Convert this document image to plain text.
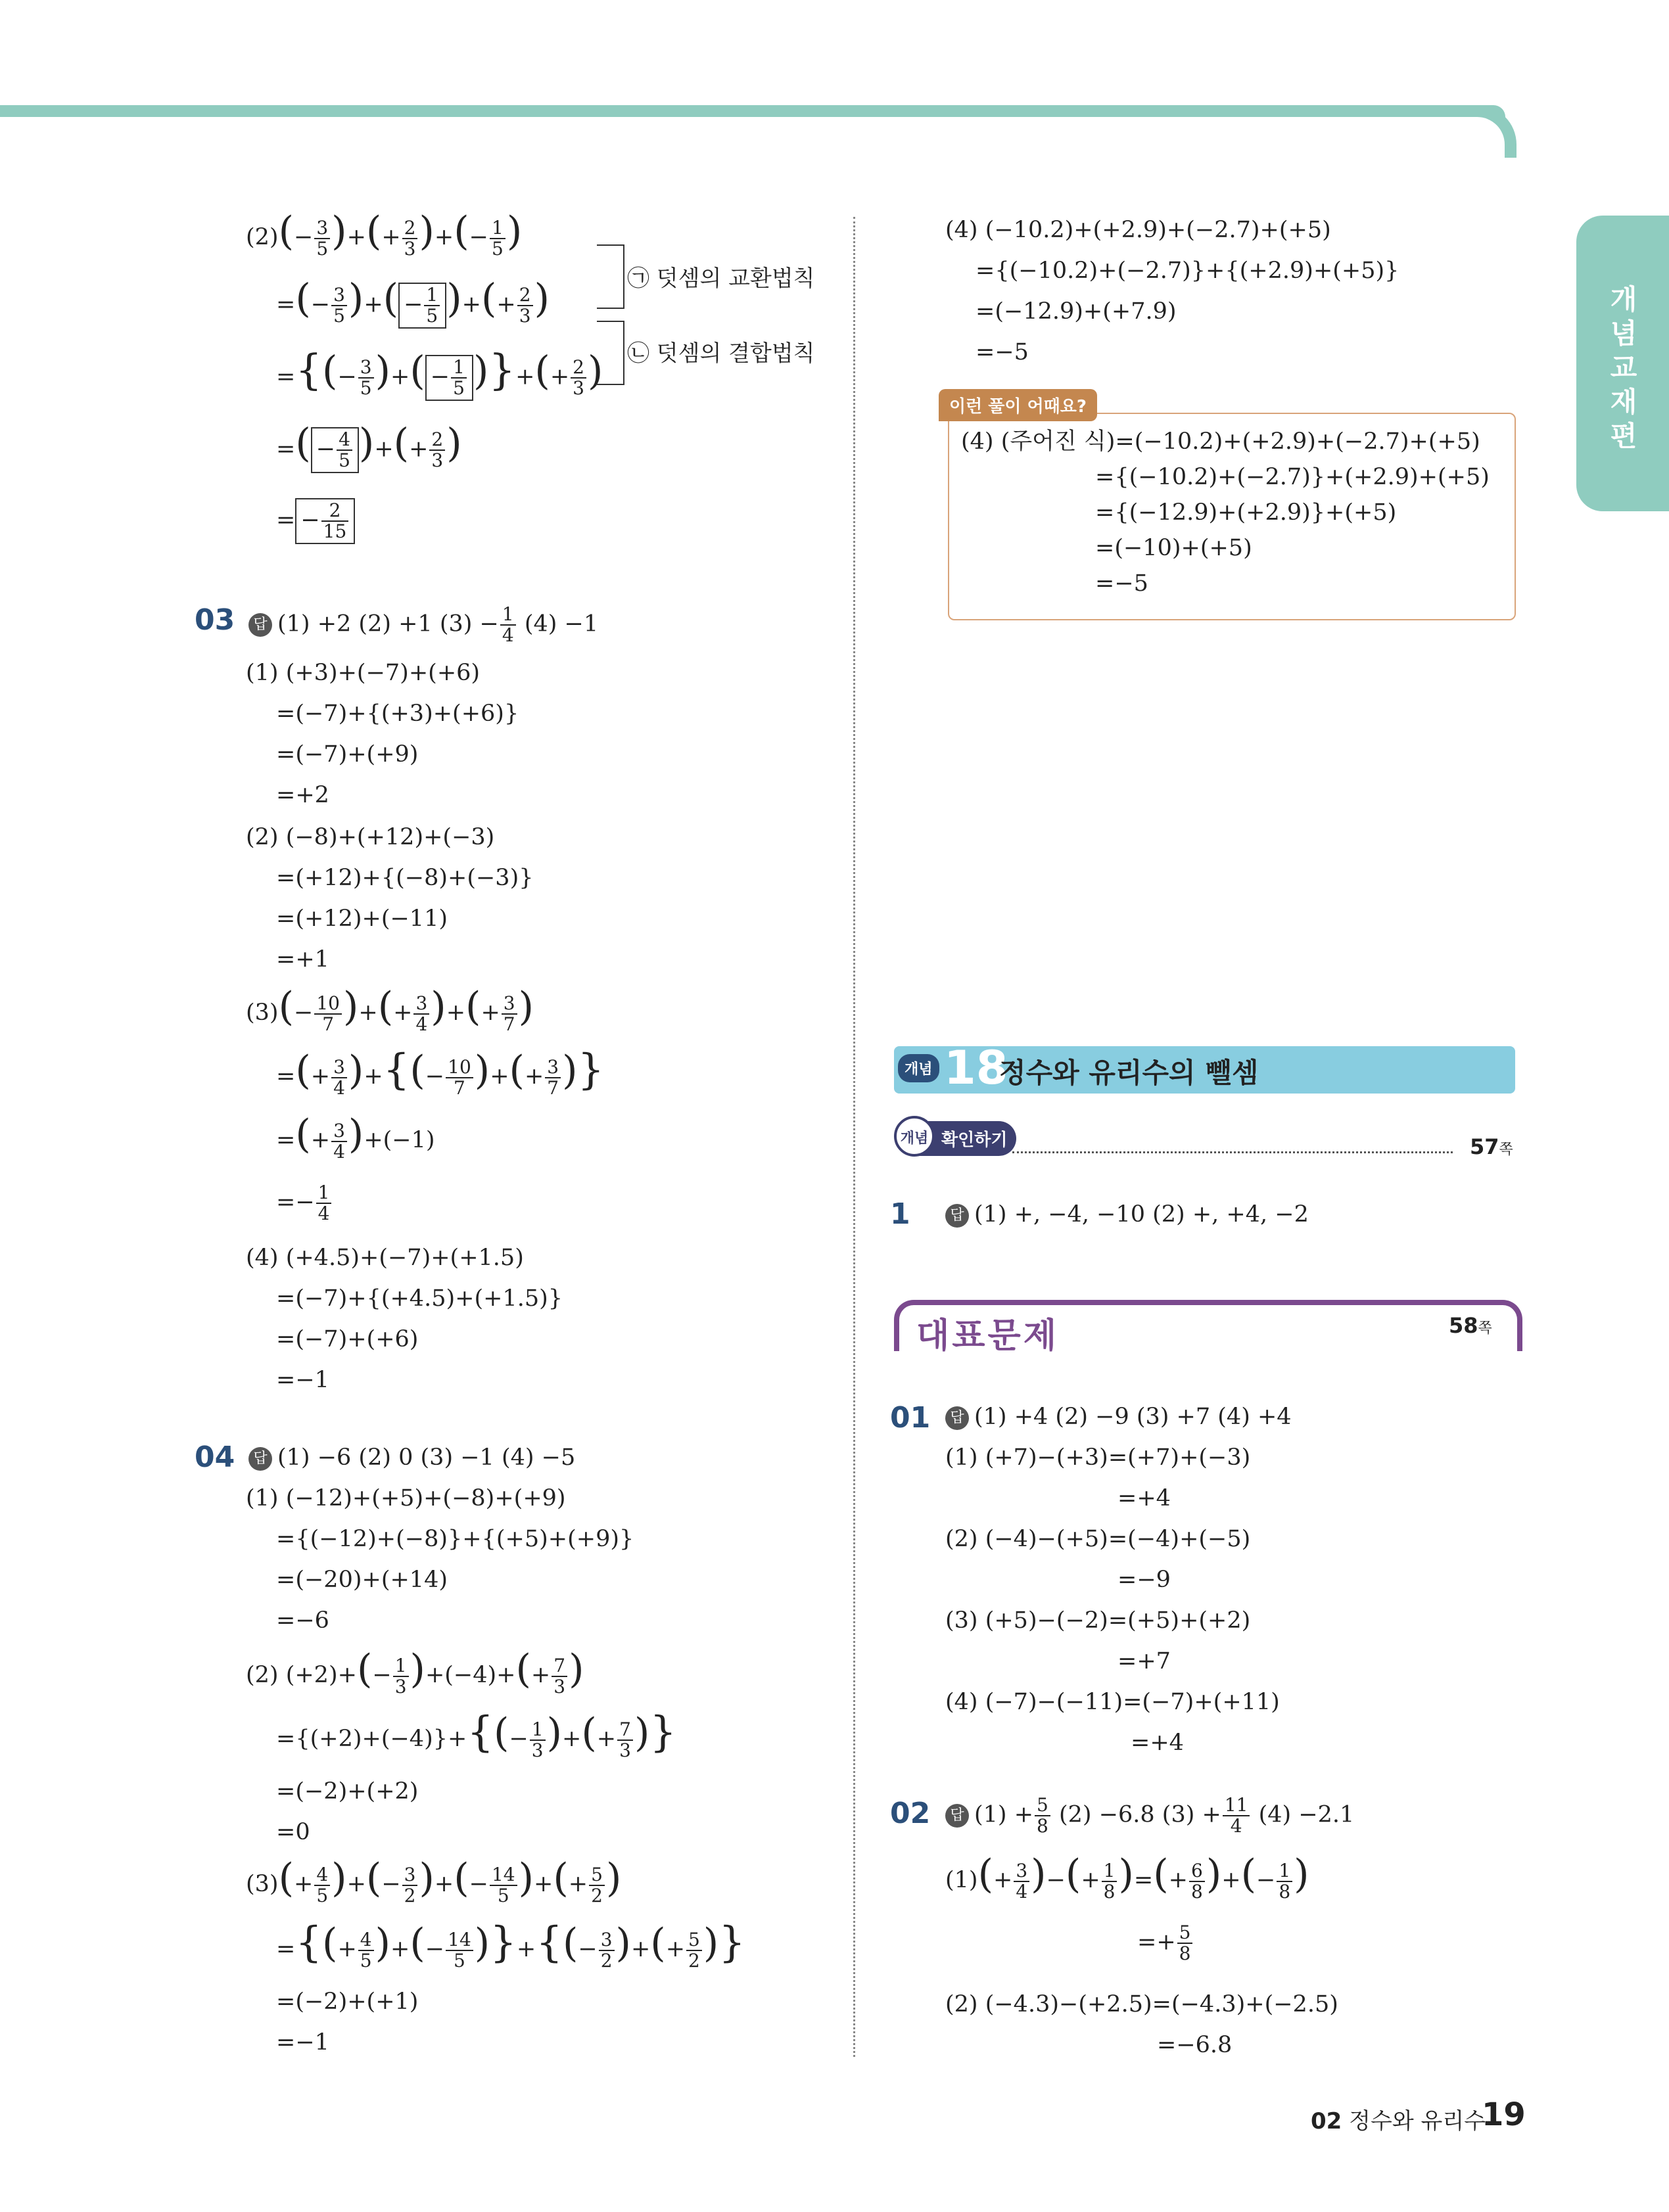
개념교재편
$(2)(- \frac{3}{5}$ )+(+ $\frac{2}{3}$ )+(− $\frac{1}{5}$ )
=(− $\frac{3}{5}$ )+( − $\frac{1}{5}$ )+(+ $\frac{2}{3}$ )
={(− $\frac{3}{5}$ )+( − $\frac{1}{5}$ )}+(+ $\frac{2}{3}$ )
=( − $\frac{4}{5}$ )+(+ $\frac{2}{3}$ )
= − $\frac{2}{15}$
㉠ 덧셈의 교환법칙
㉡ 덧셈의 결합법칙
03	답 (1) +2 (2) +1 $(3) - \frac{1}{4} (4) -1$
(1) (+3)+(−7)+(+6)
=(−7)+{(+3)+(+6)}
=(−7)+(+9)
=+2
(2) (−8)+(+12)+(−3)
=(+12)+{(−8)+(−3)}
=(+12)+(−11)
=+1
$(3)(- \frac{10}{7}$ )+(+ $\frac{3}{4}$ )+(+ $\frac{3}{7}$ )
=(+ $\frac{3}{4}$ )+{(− $\frac{10}{7}$ )+(+ $\frac{3}{7}$ )}
=(+ $\frac{3}{4} )+(-1)$
=− $\frac{1}{4}$
(4) (+4.5)+(−7)+(+1.5)
=(−7)+{(+4.5)+(+1.5)}
=(−7)+(+6)
=−1
04	답 (1) −6 (2) 0 (3) −1 (4) −5
(1) (−12)+(+5)+(−8)+(+9)
={(−12)+(−8)}+{(+5)+(+9)}
=(−20)+(+14)
=−6
(2) $(+2)+(- \frac{1}{3} )+(-4)+(+ \frac{7}{3}$ )
$=\{(+2)+(-4)\}+\{(- \frac{1}{3}$ )+(+ $\frac{7}{3}$ )}
=(−2)+(+2)
=0
$(3)(+ \frac{4}{5}$ )+(− $\frac{3}{2}$ )+(− $\frac{14}{5}$ )+(+ $\frac{5}{2}$ )
={(+ $\frac{4}{5}$ )+(− $\frac{14}{5}$ )}+{(− $\frac{3}{2}$ )+(+ $\frac{5}{2}$ )}
=(−2)+(+1)
=−1
(4) (−10.2)+(+2.9)+(−2.7)+(+5)
={(−10.2)+(−2.7)}+{(+2.9)+(+5)}
=(−12.9)+(+7.9)
=−5
이런 풀이 어때요?
(4) (주어진 식)=(−10.2)+(+2.9)+(−2.7)+(+5)
={(−10.2)+(−2.7)}+(+2.9)+(+5)
={(−12.9)+(+2.9)}+(+5)
=(−10)+(+5)
=−5
개념 18
정수와 유리수의 뺄셈
확인하기
개념	57쪽
1	답 (1) +, −4, −10 (2) +, +4, −2
대표문제	58쪽
01	답 (1) +4 (2) −9 (3) +7 (4) +4
(1) (+7)−(+3)=(+7)+(−3)
=+4
(2) (−4)−(+5)=(−4)+(−5)
=−9
(3) (+5)−(−2)=(+5)+(+2)
=+7
(4) (−7)−(−11)=(−7)+(+11)
=+4
02	답 $(1) + \frac{5}{8} (2) -6.8$ $(3) + \frac{11}{4} (4) -2.1$
$(1)(+ \frac{3}{4}$ )−(+ $\frac{1}{8}$ )=(+ $\frac{6}{8}$ )+(− $\frac{1}{8}$ )
=+ $\frac{5}{8}$
(2) (−4.3)−(+2.5)=(−4.3)+(−2.5)
=−6.8
02 정수와 유리수
19
